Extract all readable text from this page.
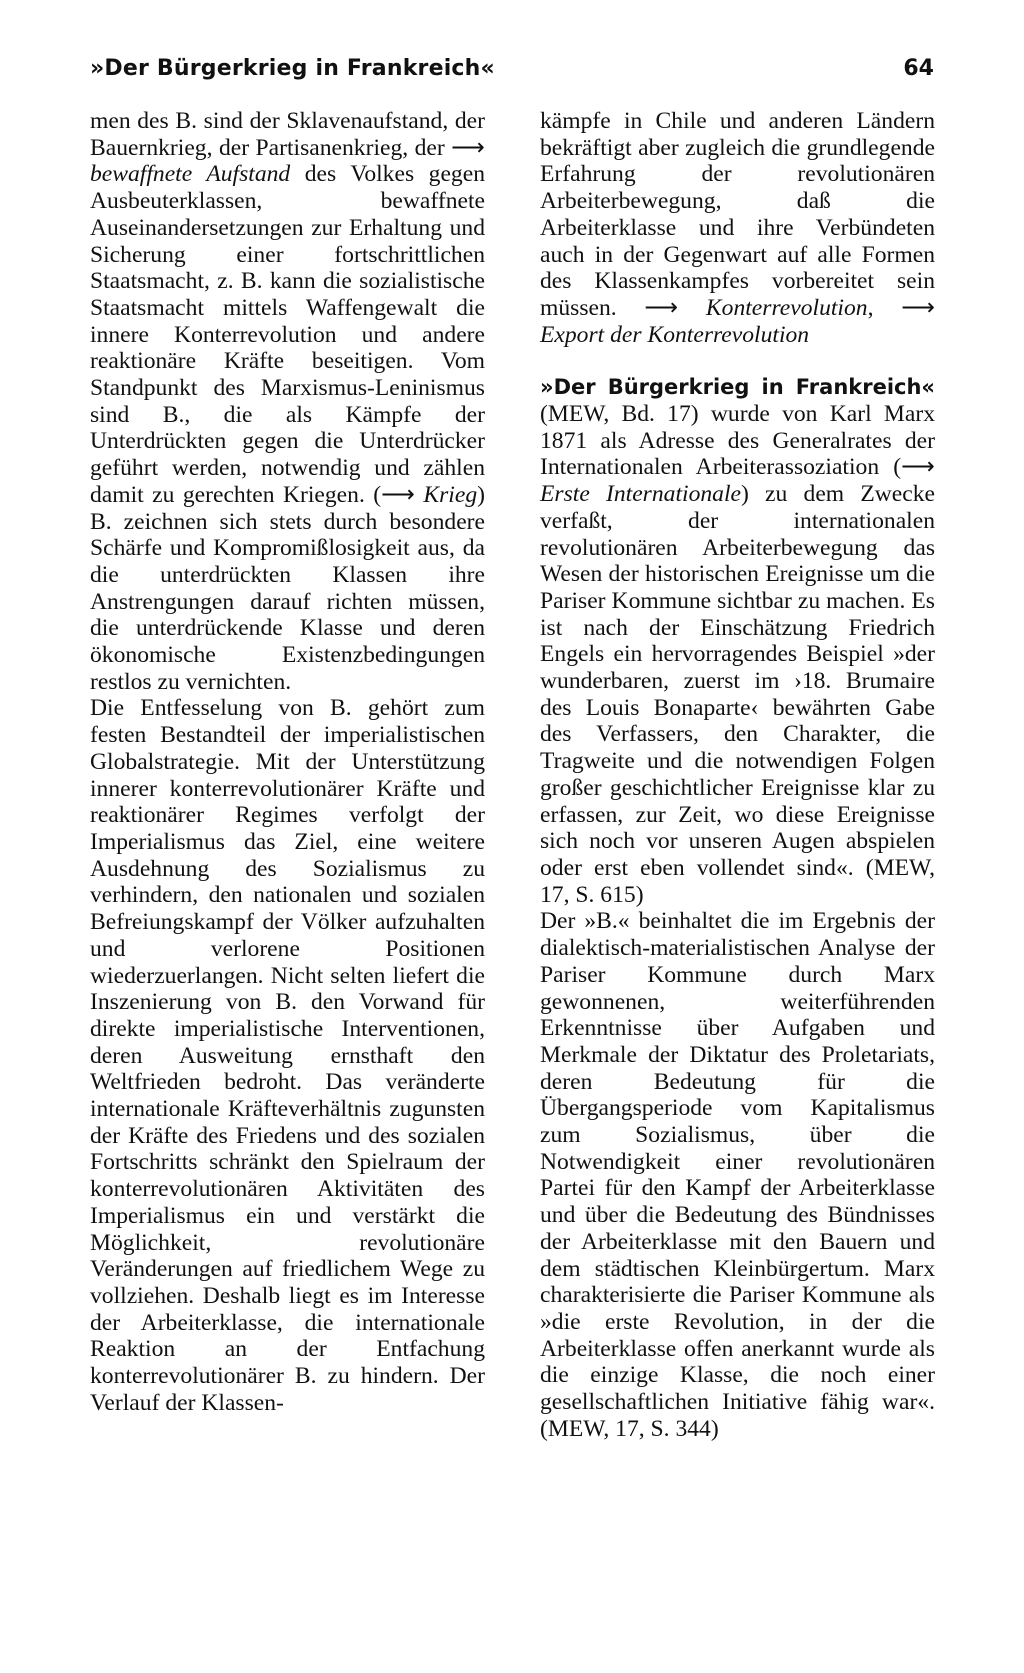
»Der Bürgerkrieg in Frankreich«	64

men des B. sind der Sklavenaufstand, der Bauernkrieg, der Partisanenkrieg, der ⟶ bewaffnete Aufstand des Volkes gegen Ausbeuterklassen, bewaffnete Auseinandersetzungen zur Erhaltung und Sicherung einer fortschrittlichen Staatsmacht, z. B. kann die sozialistische Staatsmacht mittels Waffengewalt die innere Konterrevolution und andere reaktionäre Kräfte beseitigen. Vom Standpunkt des Marxismus-Leninismus sind B., die als Kämpfe der Unterdrückten gegen die Unterdrücker geführt werden, notwendig und zählen damit zu gerechten Kriegen. (⟶ Krieg) B. zeichnen sich stets durch besondere Schärfe und Kompromißlosigkeit aus, da die unterdrückten Klassen ihre Anstrengungen darauf richten müssen, die unterdrückende Klasse und deren ökonomische Existenzbedingungen restlos zu vernichten.

Die Entfesselung von B. gehört zum festen Bestandteil der imperialistischen Globalstrategie. Mit der Unterstützung innerer konterrevolutionärer Kräfte und reaktionärer Regimes verfolgt der Imperialismus das Ziel, eine weitere Ausdehnung des Sozialismus zu verhindern, den nationalen und sozialen Befreiungskampf der Völker aufzuhalten und verlorene Positionen wiederzuerlangen. Nicht selten liefert die Inszenierung von B. den Vorwand für direkte imperialistische Interventionen, deren Ausweitung ernsthaft den Weltfrieden bedroht. Das veränderte internationale Kräfteverhältnis zugunsten der Kräfte des Friedens und des sozialen Fortschritts schränkt den Spielraum der konterrevolutionären Aktivitäten des Imperialismus ein und verstärkt die Möglichkeit, revolutionäre Veränderungen auf friedlichem Wege zu vollziehen. Deshalb liegt es im Interesse der Arbeiterklasse, die internationale Reaktion an der Entfachung konterrevolutionärer B. zu hindern. Der Verlauf der Klassen-

kämpfe in Chile und anderen Ländern bekräftigt aber zugleich die grundlegende Erfahrung der revolutionären Arbeiterbewegung, daß die Arbeiterklasse und ihre Verbündeten auch in der Gegenwart auf alle Formen des Klassenkampfes vorbereitet sein müssen. ⟶ Konterrevolution, ⟶ Export der Konterrevolution

»Der Bürgerkrieg in Frankreich« (MEW, Bd. 17) wurde von Karl Marx 1871 als Adresse des Generalrates der Internationalen Arbeiterassoziation (⟶ Erste Internationale) zu dem Zwecke verfaßt, der internationalen revolutionären Arbeiterbewegung das Wesen der historischen Ereignisse um die Pariser Kommune sichtbar zu machen. Es ist nach der Einschätzung Friedrich Engels ein hervorragendes Beispiel »der wunderbaren, zuerst im ›18. Brumaire des Louis Bonaparte‹ bewährten Gabe des Verfassers, den Charakter, die Tragweite und die notwendigen Folgen großer geschichtlicher Ereignisse klar zu erfassen, zur Zeit, wo diese Ereignisse sich noch vor unseren Augen abspielen oder erst eben vollendet sind«. (MEW, 17, S. 615)

Der »B.« beinhaltet die im Ergebnis der dialektisch-materialistischen Analyse der Pariser Kommune durch Marx gewonnenen, weiterführenden Erkenntnisse über Aufgaben und Merkmale der Diktatur des Proletariats, deren Bedeutung für die Übergangsperiode vom Kapitalismus zum Sozialismus, über die Notwendigkeit einer revolutionären Partei für den Kampf der Arbeiterklasse und über die Bedeutung des Bündnisses der Arbeiterklasse mit den Bauern und dem städtischen Kleinbürgertum. Marx charakterisierte die Pariser Kommune als »die erste Revolution, in der die Arbeiterklasse offen anerkannt wurde als die einzige Klasse, die noch einer gesellschaftlichen Initiative fähig war«. (MEW, 17, S. 344)
